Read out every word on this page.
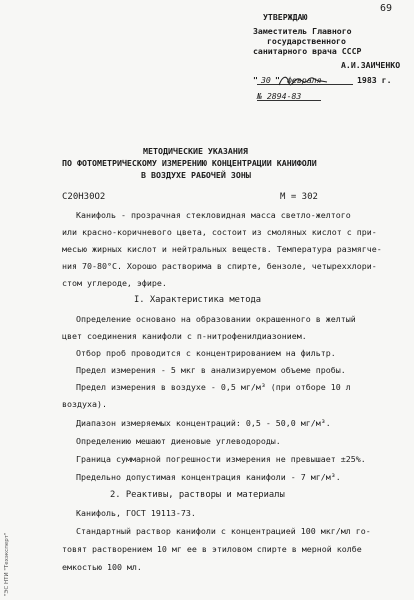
69
УТВЕРЖДАЮ
Заместитель Главного
государственного
санитарного врача СССР
А.И.ЗАИЧЕНКО
" 30 " февраля	1983 г.
№ 2894-83
МЕТОДИЧЕСКИЕ УКАЗАНИЯ
ПО ФОТОМЕТРИЧЕСКОМУ ИЗМЕРЕНИЮ КОНЦЕНТРАЦИИ КАНИФОЛИ
В ВОЗДУХЕ РАБОЧЕЙ ЗОНЫ
С20Н30О2	М = 302
Канифоль - прозрачная стекловидная масса светло-желтого
или красно-коричневого цвета, состоит из смоляных кислот с при-
месью жирных кислот и нейтральных веществ. Температура размягче-
ния 70-80°С. Хорошо растворима в спирте, бензоле, четыреххлори-
стом углероде, эфире.
I. Характеристика метода
Определение основано на образовании окрашенного в желтый
цвет соединения канифоли с п-нитрофенилдиазонием.
Отбор проб проводится с концентрированием на фильтр.
Предел измерения - 5 мкг в анализируемом объеме пробы.
Предел измерения в воздухе - 0,5 мг/м³ (при отборе 10 л
воздуха).
Диапазон измеряемых концентраций: 0,5 - 50,0 мг/м³.
Определению мешают диеновые углеводороды.
Граница суммарной погрешности измерения не превышает ±25%.
Предельно допустимая концентрация канифоли - 7 мг/м³.
2. Реактивы, растворы и материалы
Канифоль, ГОСТ 19113-73.
Стандартный раствор канифоли с концентрацией 100 мкг/мл го-
товят растворением 10 мг ее в этиловом спирте в мерной колбе
емкостью 100 мл.
"ЭС НТИ "Техэксперт"
